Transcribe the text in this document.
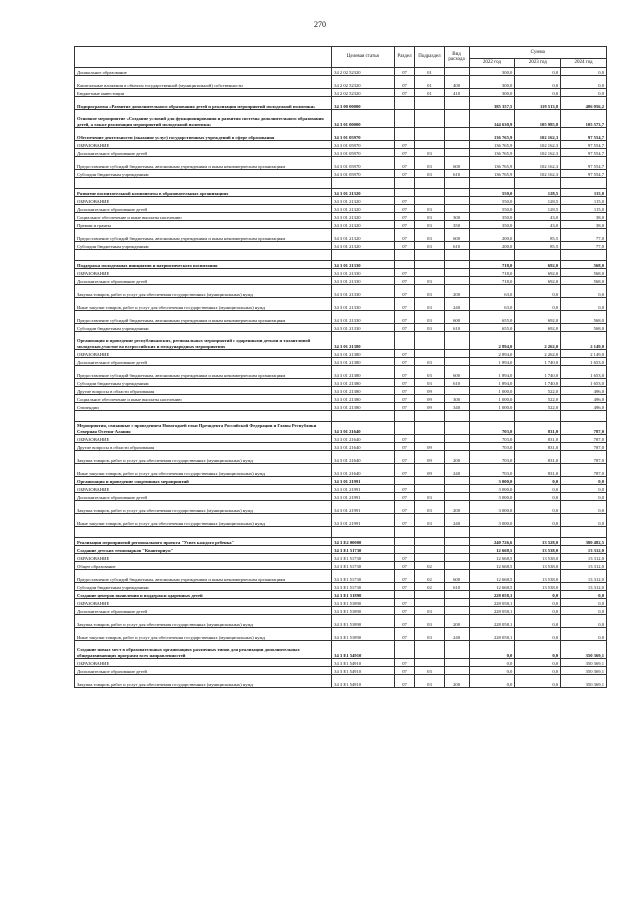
270
	Целевая статья	Раздел	Подраздел	Вид расхода	Сумма		
					2022 год	2023 год	2024 год
Дошкольное образование	34 2 02 52320	07	01		300,0	0,0	0,0
Капитальные вложения в объекты государственной (муниципальной) собственности	34 2 02 52320	07	01	400	300,0	0,0	0,0
Бюджетные инвестиции	34 2 02 52320	07	01	410	300,0	0,0	0,0
Подпрограмма «Развитие дополнительного образования детей и реализация мероприятий молодежной политики»	34 3 00 00000				385 357,5	119 513,8	486 056,2
Основное мероприятие «Создание условий для функционирования и развития системы дополнительного образования детей, а также реализации мероприятий молодежной политики»	34 3 01 00000				144 630,9	105 985,8	105 573,7
Обеспечение деятельности (оказание услуг) государственных учреждений в сфере образования	34 3 01 05970				136 765,9	102 162,3	97 554,7
ОБРАЗОВАНИЕ	34 3 01 05970	07			136 765,9	102 162,3	97 554,7
Дополнительное образование детей	34 3 01 05970	07	03		136 765,9	102 162,3	97 554,7
Предоставление субсидий бюджетным, автономным учреждениям и иным некоммерческим организациям	34 3 01 05970	07	03	600	136 765,9	102 162,3	97 554,7
Субсидии бюджетным учреждениям	34 3 01 05970	07	03	610	136 765,9	102 162,3	97 554,7

Развитие воспитательной компоненты в образовательных организациях	34 3 01 21320				550,0	128,5	115,0
ОБРАЗОВАНИЕ	34 3 01 21320	07			550,0	128,5	115,0
Дополнительное образование детей	34 3 01 21320	07	03		550,0	128,5	115,0
Социальное обеспечение и иные выплаты населению	34 3 01 21320	07	03	300	350,0	43,0	38,0
Премии и гранты	34 3 01 21320	07	03	350	350,0	43,0	38,0
Предоставление субсидий бюджетным, автономным учреждениям и иным некоммерческим организациям	34 3 01 21320	07	03	600	200,0	85,5	77,0
Субсидии бюджетным учреждениям	34 3 01 21320	07	03	610	200,0	85,5	77,0

Поддержка молодежных инициатив и патриотического воспитания	34 3 01 21330				718,0	692,0	568,0
ОБРАЗОВАНИЕ	34 3 01 21330	07			718,0	692,0	568,0
Дополнительное образование детей	34 3 01 21330	07	03		718,0	692,0	568,0
Закупка товаров, работ и услуг для обеспечения государственных (муниципальных) нужд	34 3 01 21330	07	03	200	63,0	0,0	0,0
Иные закупки товаров, работ и услуг для обеспечения государственных (муниципальных) нужд	34 3 01 21330	07	03	240	63,0	0,0	0,0
Предоставление субсидий бюджетным, автономным учреждениям и иным некоммерческим организациям	34 3 01 21330	07	03	600	655,0	692,0	568,0
Субсидии бюджетным учреждениям	34 3 01 21330	07	03	610	655,0	692,0	568,0
Организация и проведение республиканских, региональных мероприятий с одаренными детьми и талантливой молодежью,участие во всероссийских и международных мероприятиях	34 3 01 21380				2 894,0	2 262,0	2 149,0
ОБРАЗОВАНИЕ	34 3 01 21380	07			2 894,0	2 262,0	2 149,0
Дополнительное образование детей	34 3 01 21380	07	03		1 894,0	1 740,0	1 653,0
Предоставление субсидий бюджетным, автономным учреждениям и иным некоммерческим организациям	34 3 01 21380	07	03	600	1 894,0	1 740,0	1 653,0
Субсидии бюджетным учреждениям	34 3 01 21380	07	03	610	1 894,0	1 740,0	1 653,0
Другие вопросы в области образования	34 3 01 21380	07	09		1 000,0	522,0	496,0
Социальное обеспечение и иные выплаты населению	34 3 01 21380	07	09	300	1 000,0	522,0	496,0
Стипендии	34 3 01 21380	07	09	340	1 000,0	522,0	496,0

Мероприятия, связанные с проведением Новогодней елки Президента Российской Федерации и Главы Республики Северная Осетия-Алания	34 3 01 21640				703,0	831,0	787,0
ОБРАЗОВАНИЕ	34 3 01 21640	07			703,0	831,0	787,0
Другие вопросы в области образования	34 3 01 21640	07	09		703,0	831,0	787,0
Закупка товаров, работ и услуг для обеспечения государственных (муниципальных) нужд	34 3 01 21640	07	09	200	703,0	831,0	787,0
Иные закупки товаров, работ и услуг для обеспечения государственных (муниципальных) нужд	34 3 01 21640	07	09	240	703,0	831,0	787,0
Организация и проведение спортивных мероприятий	34 3 01 21991				3 000,0	0,0	0,0
ОБРАЗОВАНИЕ	34 3 01 21991	07			3 000,0	0,0	0,0
Дополнительное образование детей	34 3 01 21991	07	03		3 000,0	0,0	0,0
Закупка товаров, работ и услуг для обеспечения государственных (муниципальных) нужд	34 3 01 21991	07	03	200	3 000,0	0,0	0,0
Иные закупки товаров, работ и услуг для обеспечения государственных (муниципальных) нужд	34 3 01 21991	07	03	240	3 000,0	0,0	0,0

Реализация мероприятий регионального проекта "Успех каждого ребенка"	34 3 E2 00000				240 726,6	13 528,0	380 482,5
Создание детских технопарков "Кванториум"	34 3 E1 51730				12 668,5	13 538,0	13 312,0
ОБРАЗОВАНИЕ	34 3 E1 51730	07			12 668,5	13 538,0	13 312,0
Общее образование	34 3 E1 51730	07	02		12 668,5	13 538,0	13 312,0
Предоставление субсидий бюджетным, автономным учреждениям и иным некоммерческим организациям	34 3 E1 51730	07	02	600	12 668,5	13 538,0	13 312,0
Субсидии бюджетным учреждениям	34 3 E1 51730	07	02	610	12 668,5	13 538,0	13 312,0
Создание центров выявления и поддержки одаренных детей	34 3 E1 51890				228 058,1	0,0	0,0
ОБРАЗОВАНИЕ	34 3 E1 51890	07			228 058,1	0,0	0,0
Дополнительное образование детей	34 3 E1 51890	07	03		228 058,1	0,0	0,0
Закупка товаров, работ и услуг для обеспечения государственных (муниципальных) нужд	34 3 E1 51890	07	03	200	228 058,1	0,0	0,0
Иные закупки товаров, работ и услуг для обеспечения государственных (муниципальных) нужд	34 3 E1 51890	07	03	240	228 058,1	0,0	0,0
Создание новых мест в образовательных организациях различных типов для реализации дополнительных общеразвивающих программ всех направленностей	34 3 E1 54910				0,0	0,0	350 369,1
ОБРАЗОВАНИЕ	34 3 E1 54910	07			0,0	0,0	350 369,1
Дополнительное образование детей	34 3 E1 54910	07	03		0,0	0,0	350 369,1
Закупка товаров, работ и услуг для обеспечения государственных (муниципальных) нужд	34 3 E1 54910	07	03	200	0,0	0,0	350 369,1
